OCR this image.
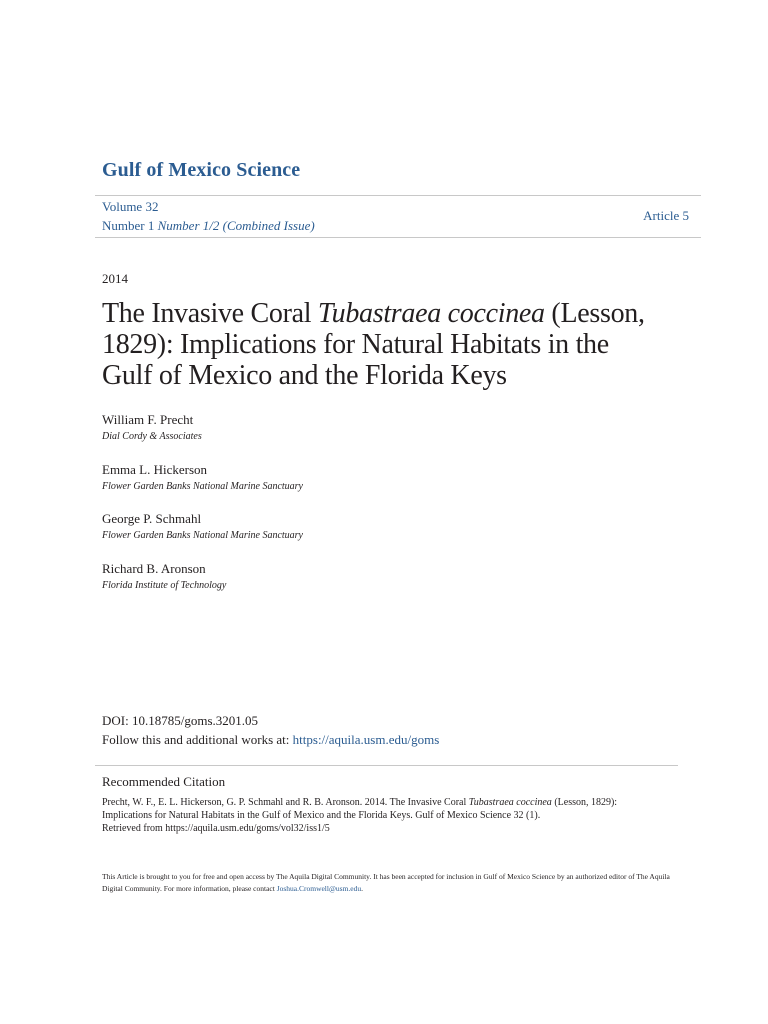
Gulf of Mexico Science
Volume 32
Number 1 Number 1/2 (Combined Issue)
Article 5
2014
The Invasive Coral Tubastraea coccinea (Lesson, 1829): Implications for Natural Habitats in the Gulf of Mexico and the Florida Keys
William F. Precht
Dial Cordy & Associates
Emma L. Hickerson
Flower Garden Banks National Marine Sanctuary
George P. Schmahl
Flower Garden Banks National Marine Sanctuary
Richard B. Aronson
Florida Institute of Technology
DOI: 10.18785/goms.3201.05
Follow this and additional works at: https://aquila.usm.edu/goms
Recommended Citation
Precht, W. F., E. L. Hickerson, G. P. Schmahl and R. B. Aronson. 2014. The Invasive Coral Tubastraea coccinea (Lesson, 1829): Implications for Natural Habitats in the Gulf of Mexico and the Florida Keys. Gulf of Mexico Science 32 (1).
Retrieved from https://aquila.usm.edu/goms/vol32/iss1/5
This Article is brought to you for free and open access by The Aquila Digital Community. It has been accepted for inclusion in Gulf of Mexico Science by an authorized editor of The Aquila Digital Community. For more information, please contact Joshua.Cromwell@usm.edu.
